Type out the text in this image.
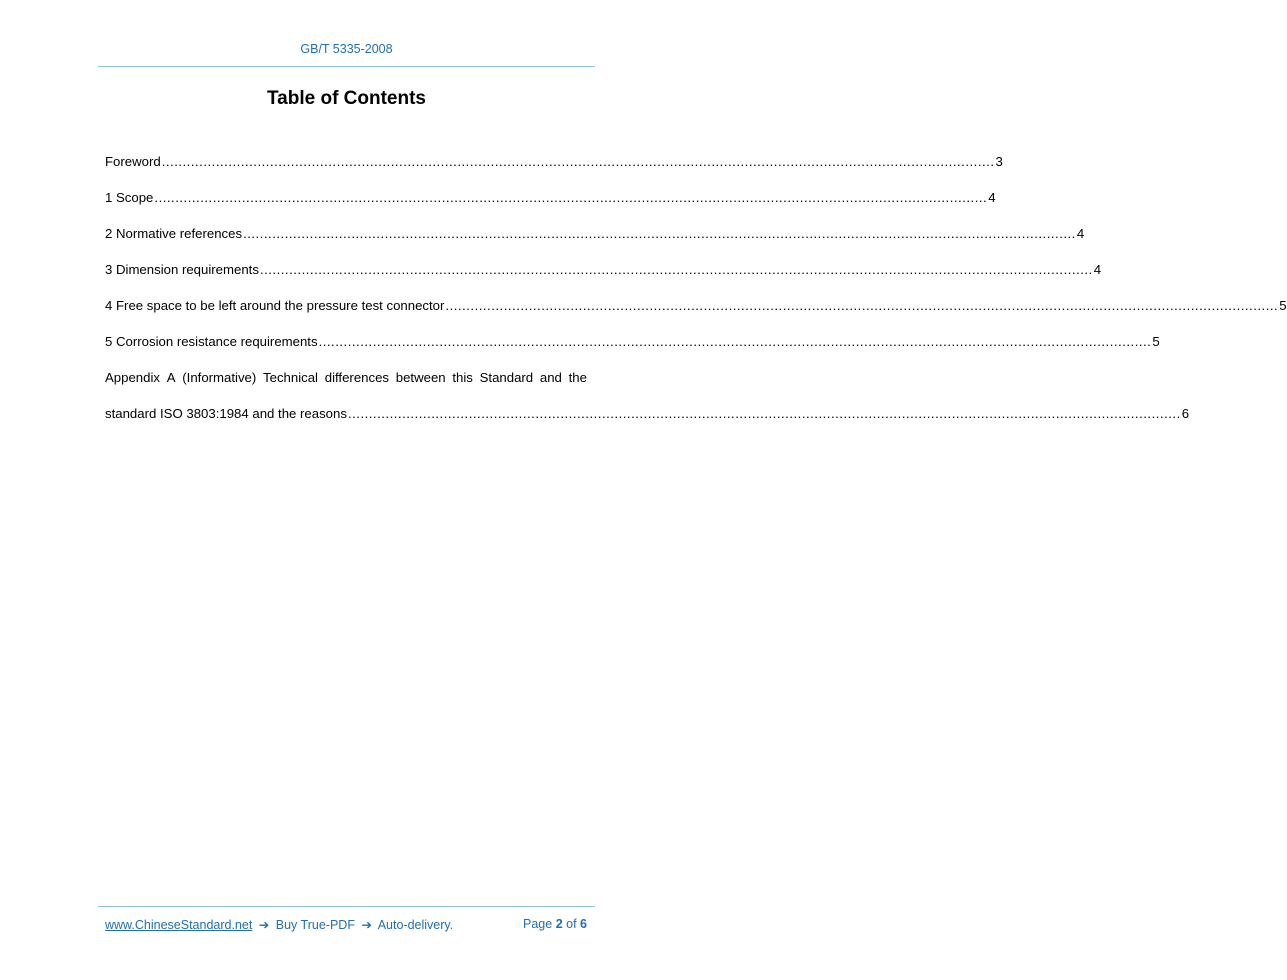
GB/T 5335-2008
Table of Contents
Foreword ........................................................................................................................................................................................................ 3
1 Scope ........................................................................................................................................................................................................ 4
2 Normative references ........................................................................................................................................................................................................ 4
3 Dimension requirements ........................................................................................................................................................................................................ 4
4 Free space to be left around the pressure test connector ........................................................................................................................................................................................................ 5
5 Corrosion resistance requirements ........................................................................................................................................................................................................ 5
Appendix A (Informative) Technical differences between this Standard and the
standard ISO 3803:1984 and the reasons ........................................................................................................................................................................................................ 6
www.ChineseStandard.net ➔ Buy True-PDF ➔ Auto-delivery.	Page 2 of 6
